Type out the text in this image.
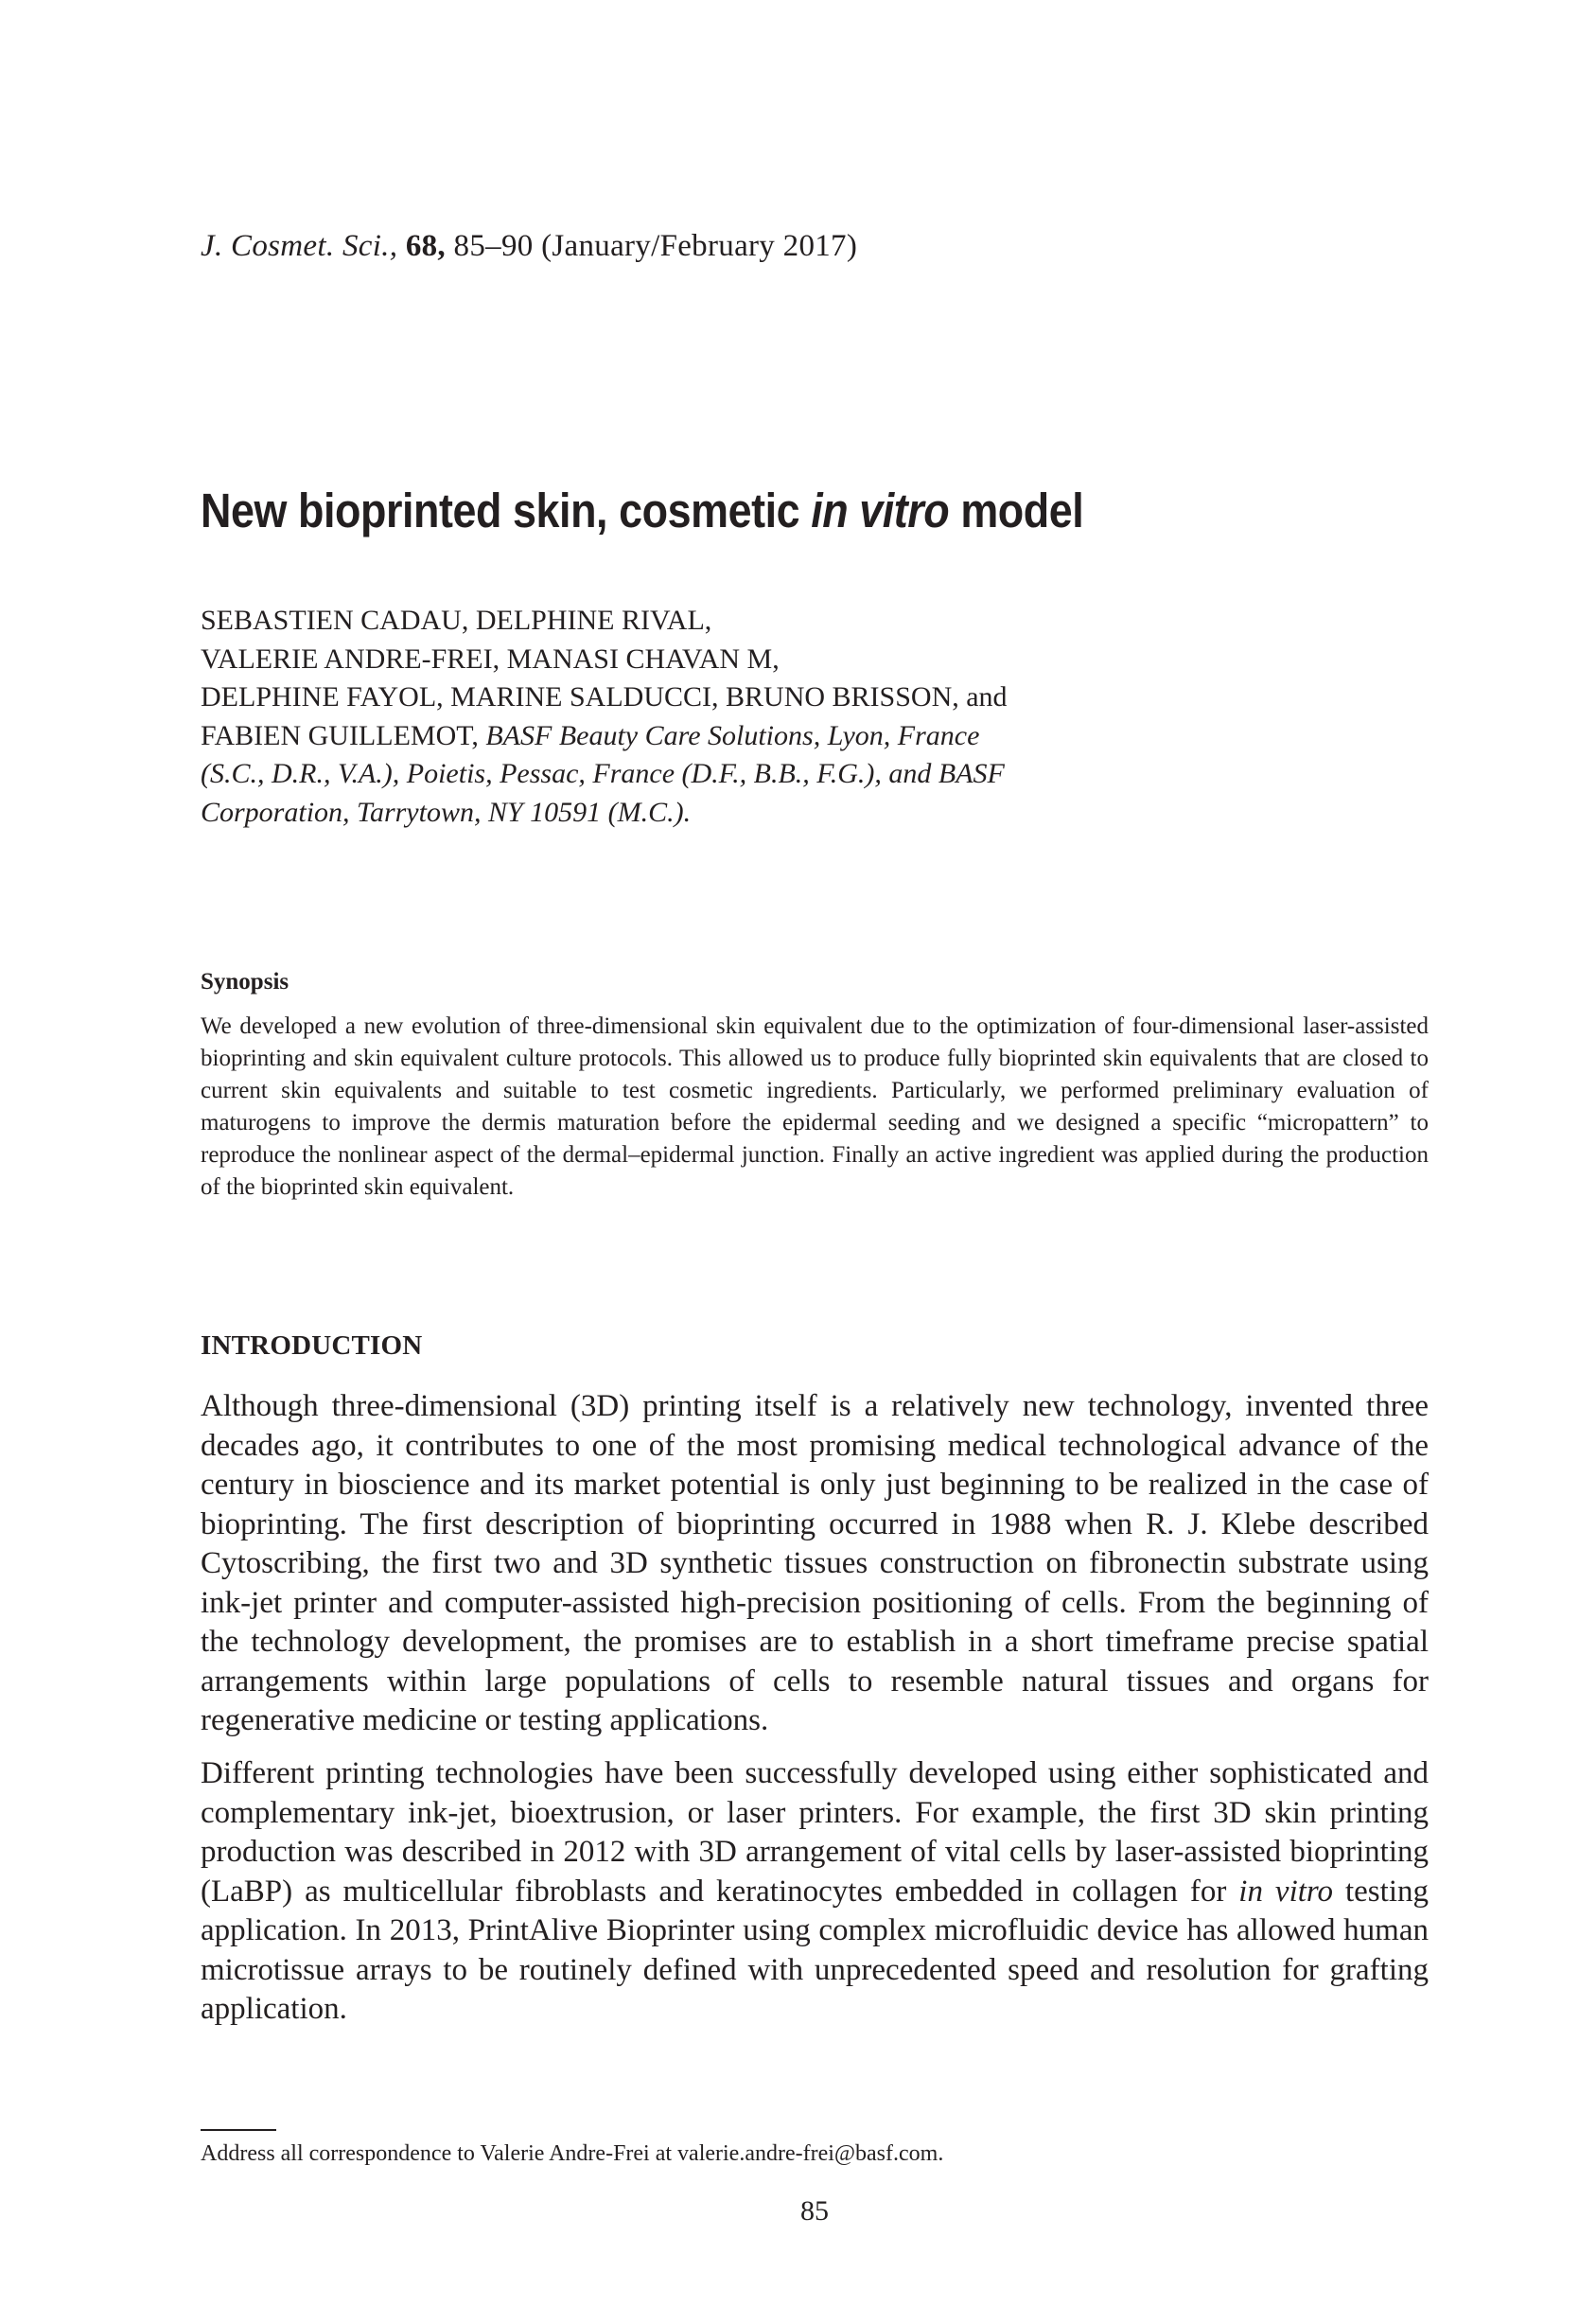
J. Cosmet. Sci., 68, 85–90 (January/February 2017)
New bioprinted skin, cosmetic in vitro model
SEBASTIEN CADAU, DELPHINE RIVAL,
VALERIE ANDRE-FREI, MANASI CHAVAN M,
DELPHINE FAYOL, MARINE SALDUCCI, BRUNO BRISSON, and
FABIEN GUILLEMOT, BASF Beauty Care Solutions, Lyon, France
(S.C., D.R., V.A.), Poietis, Pessac, France (D.F., B.B., F.G.), and BASF
Corporation, Tarrytown, NY 10591 (M.C.).
Synopsis

We developed a new evolution of three-dimensional skin equivalent due to the optimization of four-dimensional laser-assisted bioprinting and skin equivalent culture protocols. This allowed us to produce fully bioprinted skin equivalents that are closed to current skin equivalents and suitable to test cosmetic ingredients. Particularly, we performed preliminary evaluation of maturogens to improve the dermis maturation before the epidermal seeding and we designed a specific “micropattern” to reproduce the nonlinear aspect of the dermal–epidermal junction. Finally an active ingredient was applied during the production of the bioprinted skin equivalent.

INTRODUCTION

Although three-dimensional (3D) printing itself is a relatively new technology, invented three decades ago, it contributes to one of the most promising medical technological advance of the century in bioscience and its market potential is only just beginning to be realized in the case of bioprinting. The first description of bioprinting occurred in 1988 when R. J. Klebe described Cytoscribing, the first two and 3D synthetic tissues construction on fibronectin substrate using ink-jet printer and computer-assisted high-precision positioning of cells. From the beginning of the technology development, the promises are to establish in a short timeframe precise spatial arrangements within large populations of cells to resemble natural tissues and organs for regenerative medicine or testing applications.

Different printing technologies have been successfully developed using either sophisticated and complementary ink-jet, bioextrusion, or laser printers. For example, the first 3D skin printing production was described in 2012 with 3D arrangement of vital cells by laser-assisted bioprinting (LaBP) as multicellular fibroblasts and keratinocytes embedded in collagen for in vitro testing application. In 2013, PrintAlive Bioprinter using complex microfluidic device has allowed human microtissue arrays to be routinely defined with unprecedented speed and resolution for grafting application.

Address all correspondence to Valerie Andre-Frei at valerie.andre-frei@basf.com.
85
